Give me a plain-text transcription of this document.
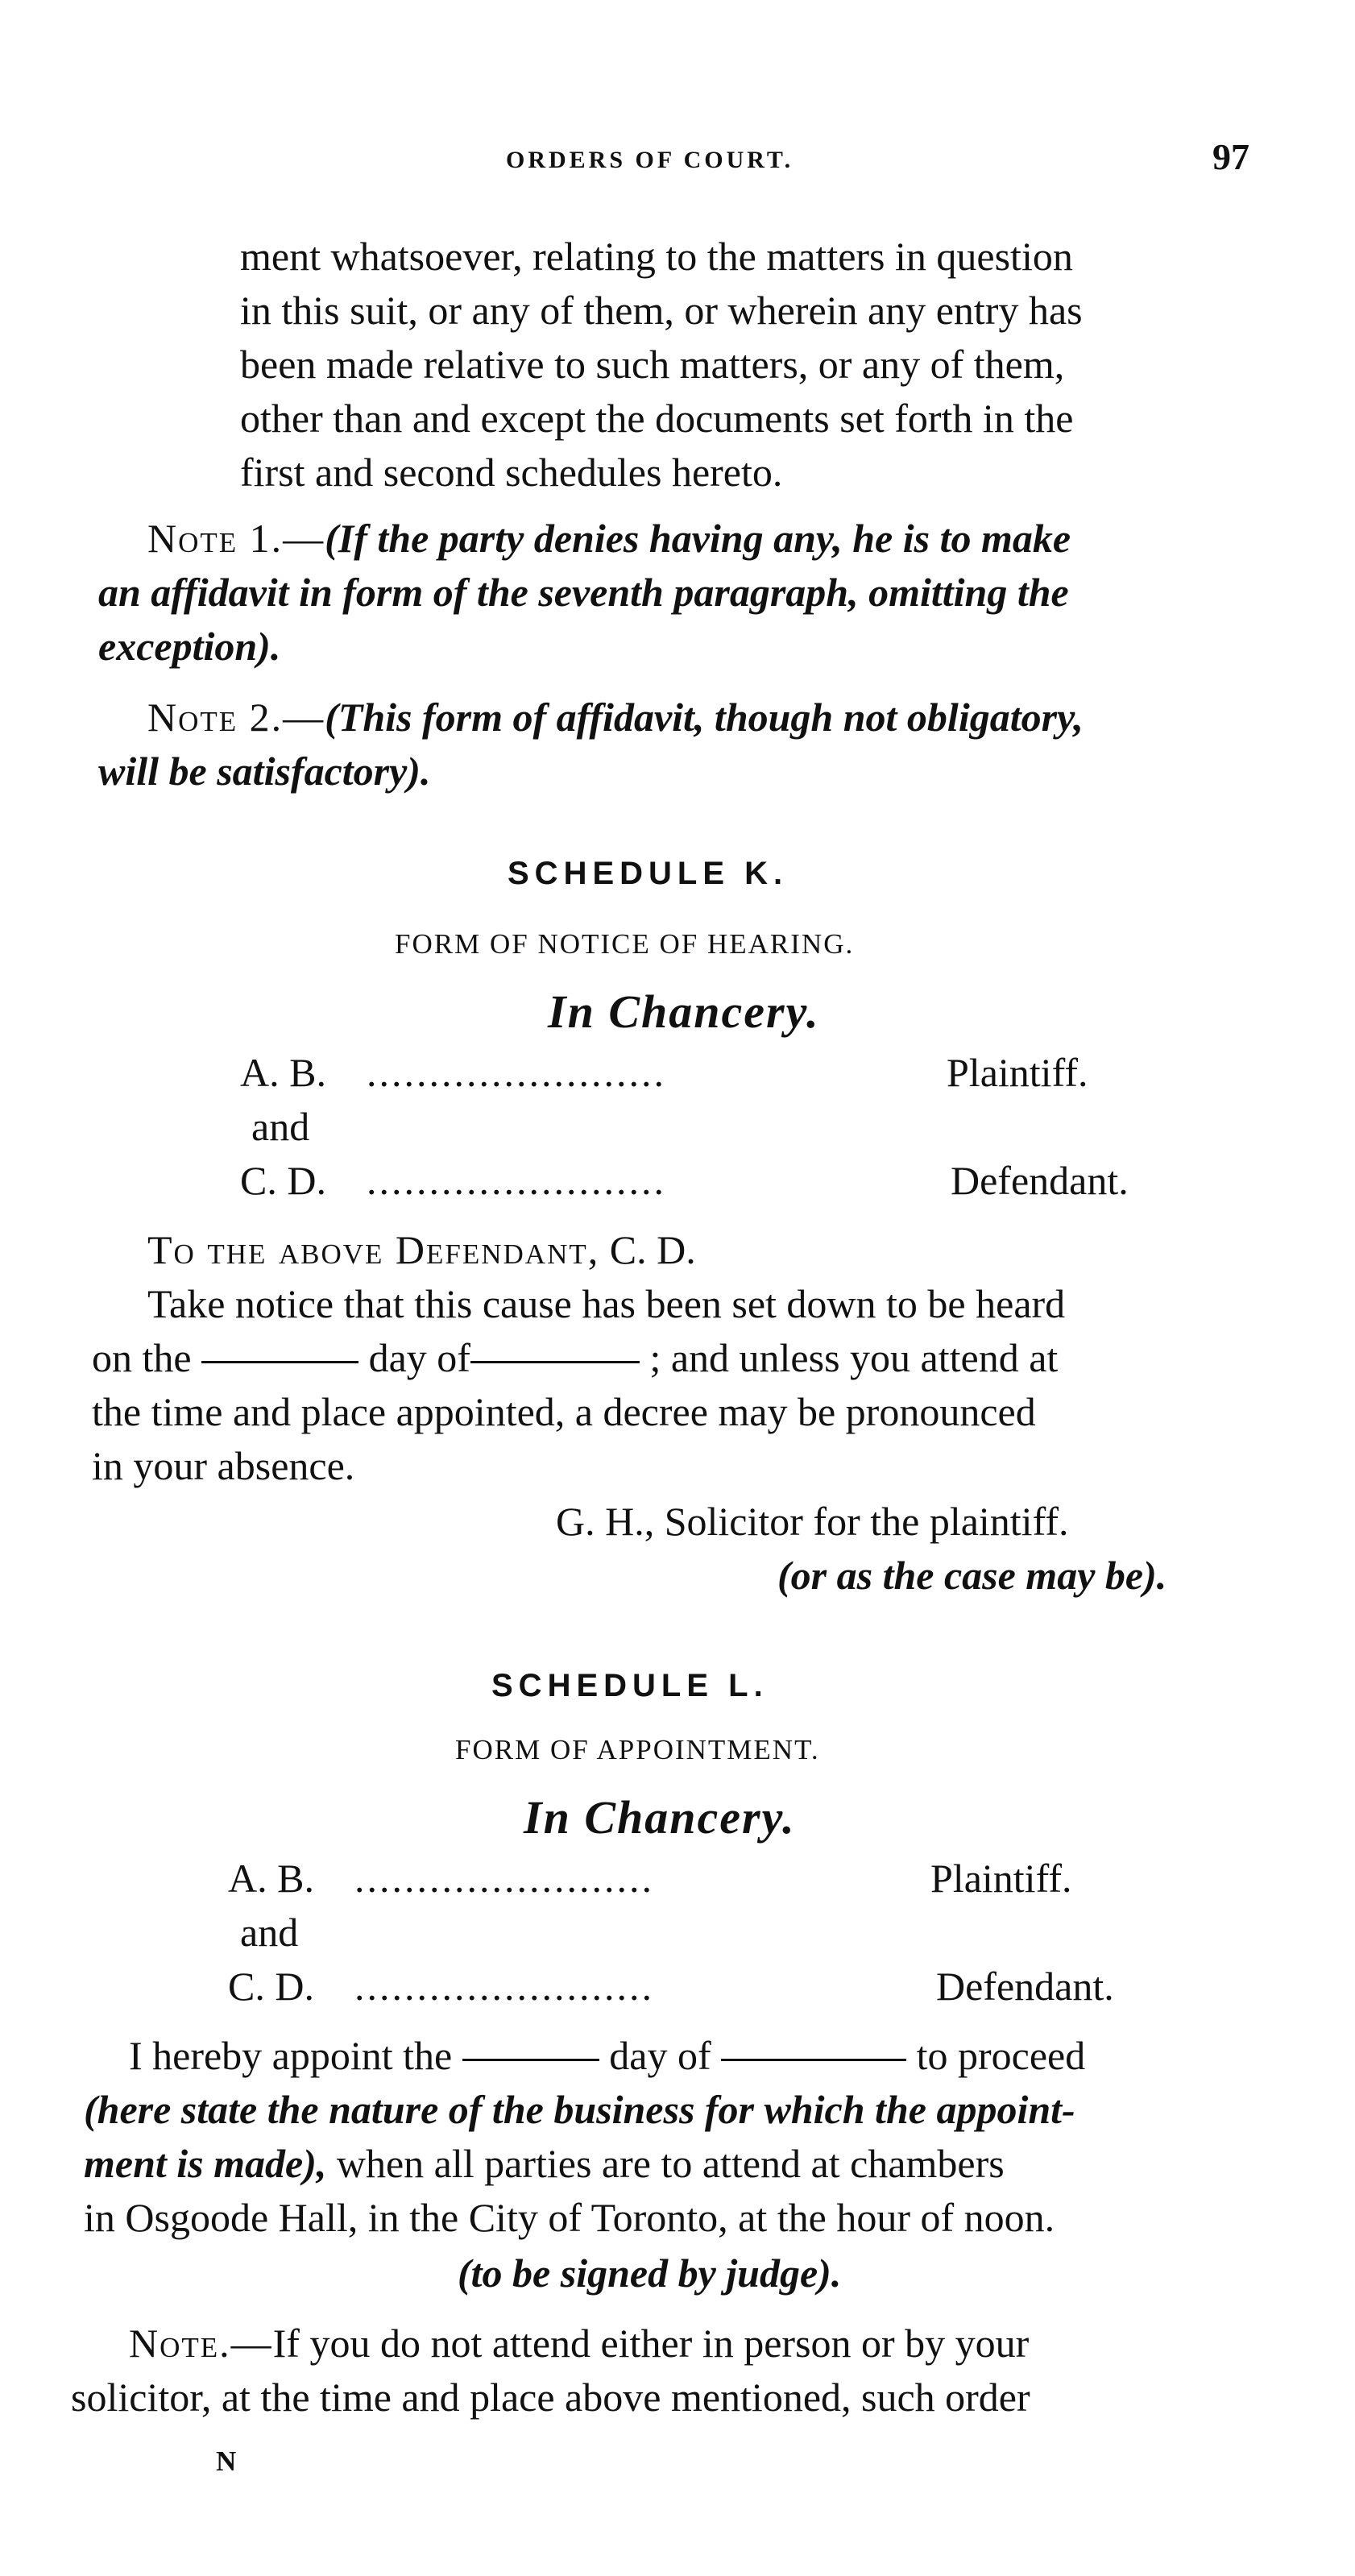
ORDERS OF COURT.	97
ment whatsoever, relating to the matters in question
in this suit, or any of them, or wherein any entry has
been made relative to such matters, or any of them,
other than and except the documents set forth in the
first and second schedules hereto.
Note 1.—(If the party denies having any, he is to make
an affidavit in form of the seventh paragraph, omitting the
exception).
Note 2.—(This form of affidavit, though not obligatory,
will be satisfactory).
SCHEDULE K.
FORM OF NOTICE OF HEARING.
In Chancery.
A. B. ........................	Plaintiff.
and
C. D. ........................	Defendant.
To the above Defendant, C. D.
Take notice that this cause has been set down to be heard
on the	day of	; and unless you attend at
the time and place appointed, a decree may be pronounced
in your absence.
G. H., Solicitor for the plaintiff.
(or as the case may be).
SCHEDULE L.
FORM OF APPOINTMENT.
In Chancery.
A. B. ........................	Plaintiff.
and
C. D. ........................	Defendant.
I hereby appoint the	day of	to proceed
(here state the nature of the business for which the appoint-
ment is made), when all parties are to attend at chambers
in Osgoode Hall, in the City of Toronto, at the hour of noon.
(to be signed by judge).
Note.—If you do not attend either in person or by your
solicitor, at the time and place above mentioned, such order
N
